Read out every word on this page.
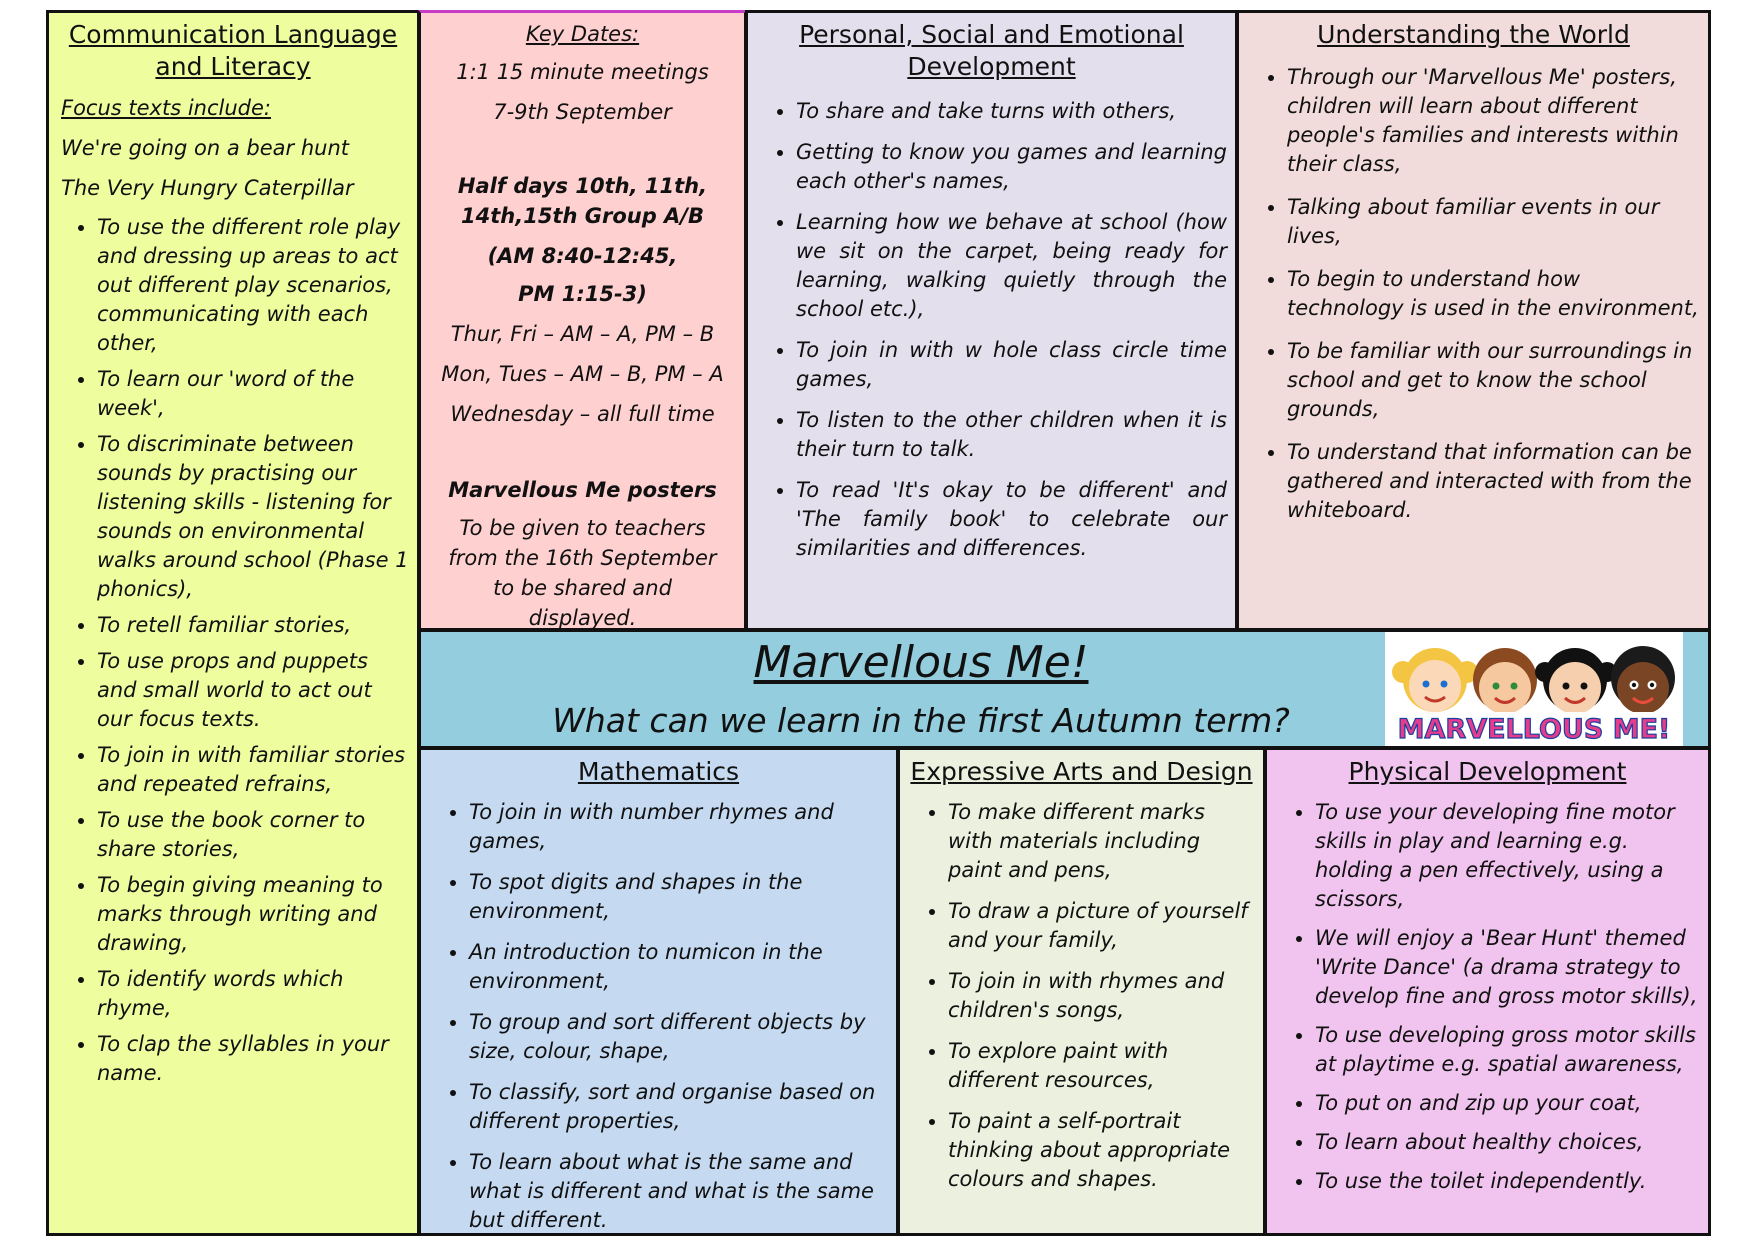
Communication Language and Literacy

Focus texts include:

We're going on a bear hunt

The Very Hungry Caterpillar

• To use the different role play and dressing up areas to act out different play scenarios, communicating with each other,
• To learn our 'word of the week',
• To discriminate between sounds by practising our listening skills - listening for sounds on environmental walks around school (Phase 1 phonics),
• To retell familiar stories,
• To use props and puppets and small world to act out our focus texts.
• To join in with familiar stories and repeated refrains,
• To use the book corner to share stories,
• To begin giving meaning to marks through writing and drawing,
• To identify words which rhyme,
• To clap the syllables in your name.
Key Dates:
1:1 15 minute meetings
7-9th September
Half days 10th, 11th, 14th,15th Group A/B
(AM 8:40-12:45,
PM 1:15-3)
Thur, Fri – AM – A, PM – B
Mon, Tues – AM – B, PM – A
Wednesday – all full time
Marvellous Me posters
To be given to teachers from the 16th September to be shared and displayed.
Personal, Social and Emotional Development
• To share and take turns with others,
• Getting to know you games and learning each other's names,
• Learning how we behave at school (how we sit on the carpet, being ready for learning, walking quietly through the school etc.),
• To join in with w hole class circle time games,
• To listen to the other children when it is their turn to talk.
• To read 'It's okay to be different' and 'The family book' to celebrate our similarities and differences.
Understanding the World
• Through our 'Marvellous Me' posters, children will learn about different people's families and interests within their class,
• Talking about familiar events in our lives,
• To begin to understand how technology is used in the environment,
• To be familiar with our surroundings in school and get to know the school grounds,
• To understand that information can be gathered and interacted with from the whiteboard.
Marvellous Me!
What can we learn in the first Autumn term?	MARVELLOUS ME!
Mathematics
• To join in with number rhymes and games,
• To spot digits and shapes in the environment,
• An introduction to numicon in the environment,
• To group and sort different objects by size, colour, shape,
• To classify, sort and organise based on different properties,
• To learn about what is the same and what is different and what is the same but different.
Expressive Arts and Design
• To make different marks with materials including paint and pens,
• To draw a picture of yourself and your family,
• To join in with rhymes and children's songs,
• To explore paint with different resources,
• To paint a self-portrait thinking about appropriate colours and shapes.
Physical Development
• To use your developing fine motor skills in play and learning e.g. holding a pen effectively, using a scissors,
• We will enjoy a 'Bear Hunt' themed 'Write Dance' (a drama strategy to develop fine and gross motor skills),
• To use developing gross motor skills at playtime e.g. spatial awareness,
• To put on and zip up your coat,
• To learn about healthy choices,
• To use the toilet independently.
